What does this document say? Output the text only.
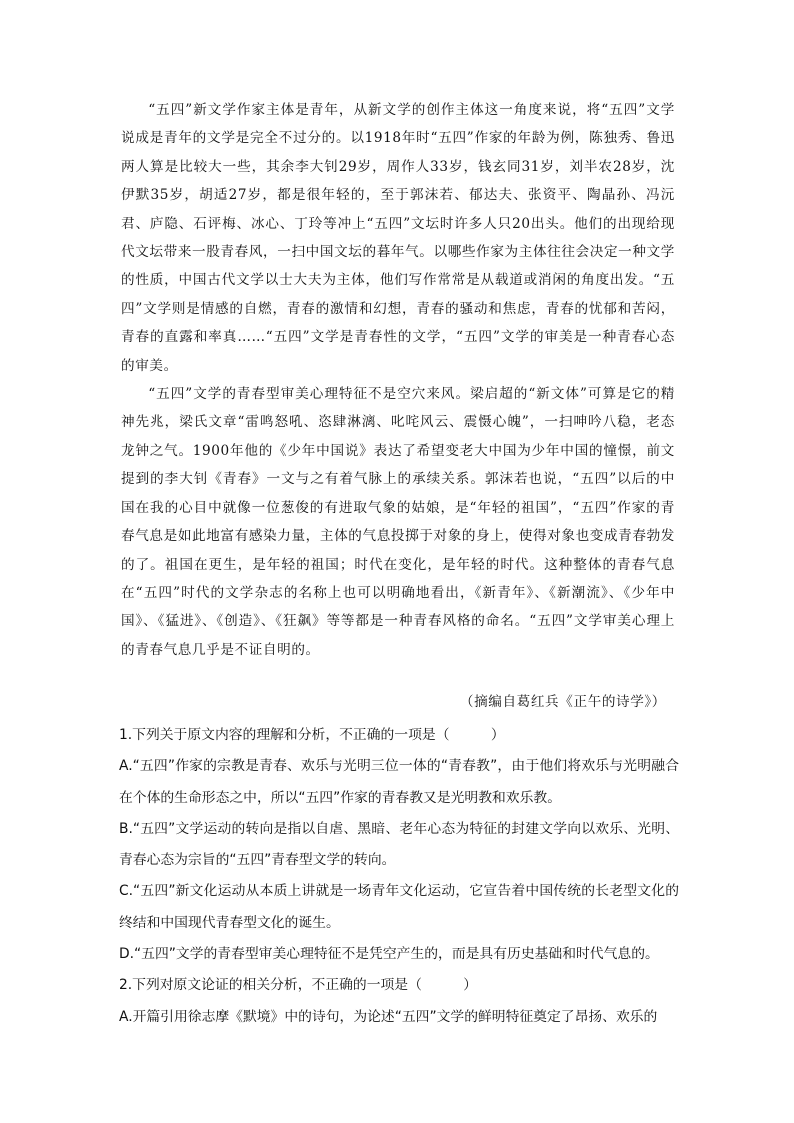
“五四”新文学作家主体是青年，从新文学的创作主体这一角度来说，将“五四”文学说成是青年的文学是完全不过分的。以1918年时“五四”作家的年龄为例，陈独秀、鲁迅两人算是比较大一些，其余李大钊29岁，周作人33岁，钱玄同31岁，刘半农28岁，沈伊默35岁，胡适27岁，都是很年轻的，至于郭沫若、郁达夫、张资平、陶晶孙、冯沅君、庐隐、石评梅、冰心、丁玲等冲上“五四”文坛时许多人只20出头。他们的出现给现代文坛带来一股青春风，一扫中国文坛的暮年气。以哪些作家为主体往往会决定一种文学的性质，中国古代文学以士大夫为主体，他们写作常常是从载道或消闲的角度出发。“五四”文学则是情感的自燃，青春的激情和幻想，青春的骚动和焦虑，青春的忧郁和苦闷，青春的直露和率真……“五四”文学是青春性的文学，“五四”文学的审美是一种青春心态的审美。

“五四”文学的青春型审美心理特征不是空穴来风。梁启超的“新文体”可算是它的精神先兆，梁氏文章“雷鸣怒吼、恣肆淋漓、叱咤风云、震慑心魄”，一扫呻吟八稳，老态龙钟之气。1900年他的《少年中国说》表达了希望变老大中国为少年中国的憧憬，前文提到的李大钊《青春》一文与之有着气脉上的承续关系。郭沫若也说，“五四”以后的中国在我的心目中就像一位葱俊的有进取气象的姑娘，是“年轻的祖国”，“五四”作家的青春气息是如此地富有感染力量，主体的气息投掷于对象的身上，使得对象也变成青春勃发的了。祖国在更生，是年轻的祖国；时代在变化，是年轻的时代。这种整体的青春气息在“五四”时代的文学杂志的名称上也可以明确地看出，《新青年》、《新潮流》、《少年中国》、《猛进》、《创造》、《狂飙》等等都是一种青春风格的命名。“五四”文学审美心理上的青春气息几乎是不证自明的。

（摘编自葛红兵《正午的诗学》）

1.下列关于原文内容的理解和分析，不正确的一项是（　　　）

A.“五四”作家的宗教是青春、欢乐与光明三位一体的“青春教”，由于他们将欢乐与光明融合在个体的生命形态之中，所以“五四”作家的青春教又是光明教和欢乐教。

B.“五四”文学运动的转向是指以自虐、黑暗、老年心态为特征的封建文学向以欢乐、光明、青春心态为宗旨的“五四”青春型文学的转向。

C.“五四”新文化运动从本质上讲就是一场青年文化运动，它宣告着中国传统的长老型文化的终结和中国现代青春型文化的诞生。

D.“五四”文学的青春型审美心理特征不是凭空产生的，而是具有历史基础和时代气息的。

2.下列对原文论证的相关分析，不正确的一项是（　　　）

A.开篇引用徐志摩《默境》中的诗句，为论述“五四”文学的鲜明特征奠定了昂扬、欢乐的
